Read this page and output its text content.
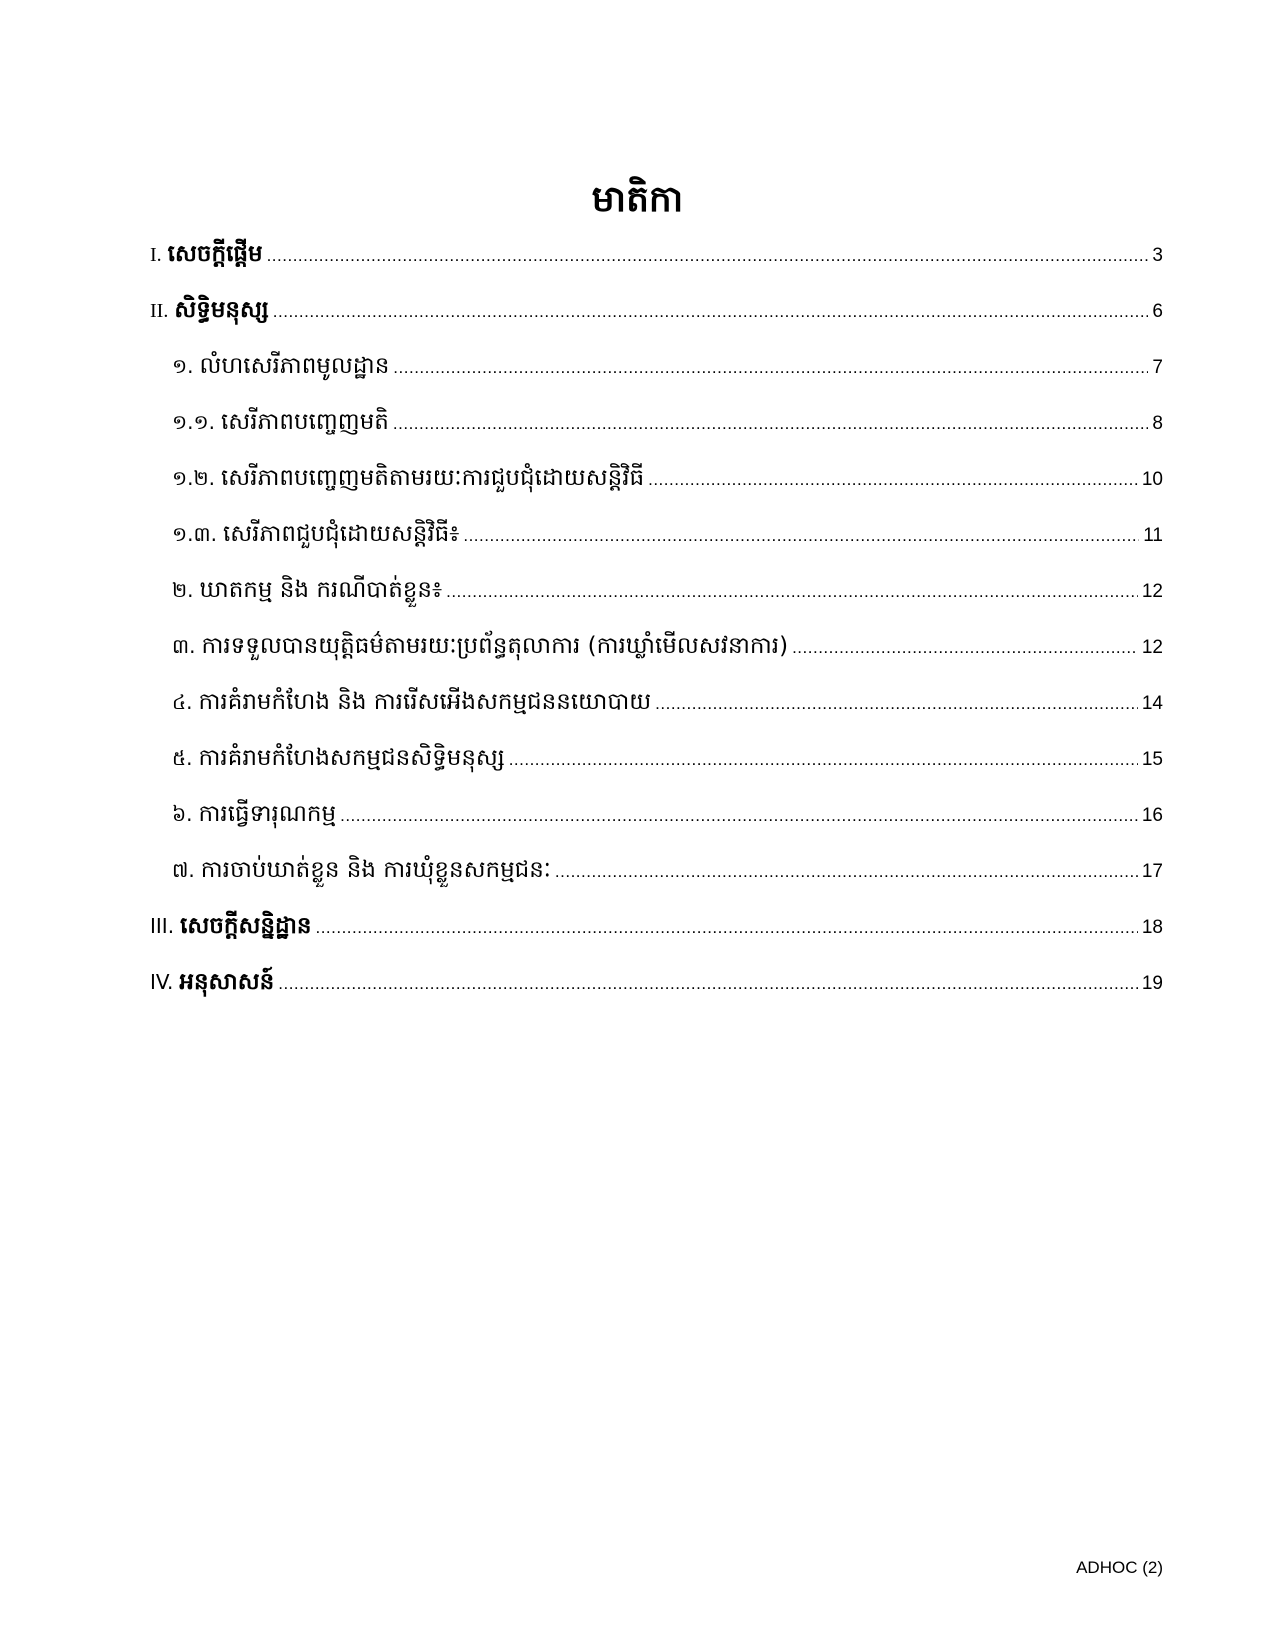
មាតិកា
I. សេចក្តីផ្តើម .....	3
II. សិទ្ធិមនុស្ស .....	6
១. លំហសេរីភាពមូលដ្ឋាន .....	7
១.១. សេរីភាពបញ្ចេញមតិ .....	8
១.២. សេរីភាពបញ្ចេញមតិតាមរយៈការជួបជុំដោយសន្តិវិធី .....	10
១.៣. សេរីភាពជួបជុំដោយសន្តិវិធី៖ .....	11
២. ឃាតកម្ម និង ករណីបាត់ខ្លួន៖ .....	12
៣. ការទទួលបានយុត្តិធម៌តាមរយៈប្រព័ន្ធតុលាការ (ការឃ្លាំមើលសវនាការ) .....	12
៤. ការគំរាមកំហែង និង ការរើសអើងសកម្មជននយោបាយ .....	14
៥. ការគំរាមកំហែងសកម្មជនសិទ្ធិមនុស្ស .....	15
៦. ការធ្វើទារុណកម្ម .....	16
៧. ការចាប់ឃាត់ខ្លួន និង ការឃុំខ្លួនសកម្មជនៈ .....	17
III. សេចក្តីសន្និដ្ឋាន .....	18
IV. អនុសាសន៍ .....	19
ADHOC (2)
